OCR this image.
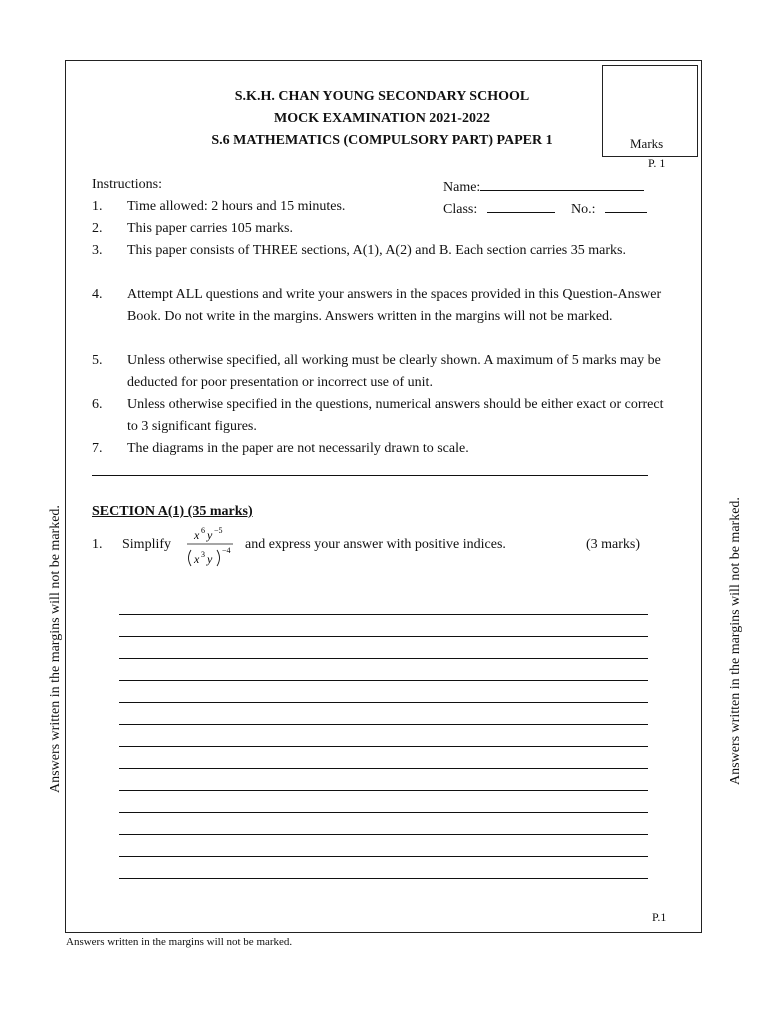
Marks
P. 1
S.K.H. CHAN YOUNG SECONDARY SCHOOL
MOCK EXAMINATION 2021-2022
S.6 MATHEMATICS (COMPULSORY PART) PAPER 1
Instructions:	Name:
Class:	No.:
1. Time allowed: 2 hours and 15 minutes.
2. This paper carries 105 marks.
3. This paper consists of THREE sections, A(1), A(2) and B. Each section carries 35 marks.
4. Attempt ALL questions and write your answers in the spaces provided in this Question-Answer Book. Do not write in the margins. Answers written in the margins will not be marked.
5. Unless otherwise specified, all working must be clearly shown. A maximum of 5 marks may be deducted for poor presentation or incorrect use of unit.
6. Unless otherwise specified in the questions, numerical answers should be either exact or correct to 3 significant figures.
7. The diagrams in the paper are not necessarily drawn to scale.
SECTION A(1) (35 marks)
1. Simplify
x 6 y −5
x 3 y
−4 and express your answer with positive indices.	(3 marks)
P.1
Answers written in the margins will not be marked.
Answers written in the margins will not be marked.	Answers written in the margins will not be marked.
